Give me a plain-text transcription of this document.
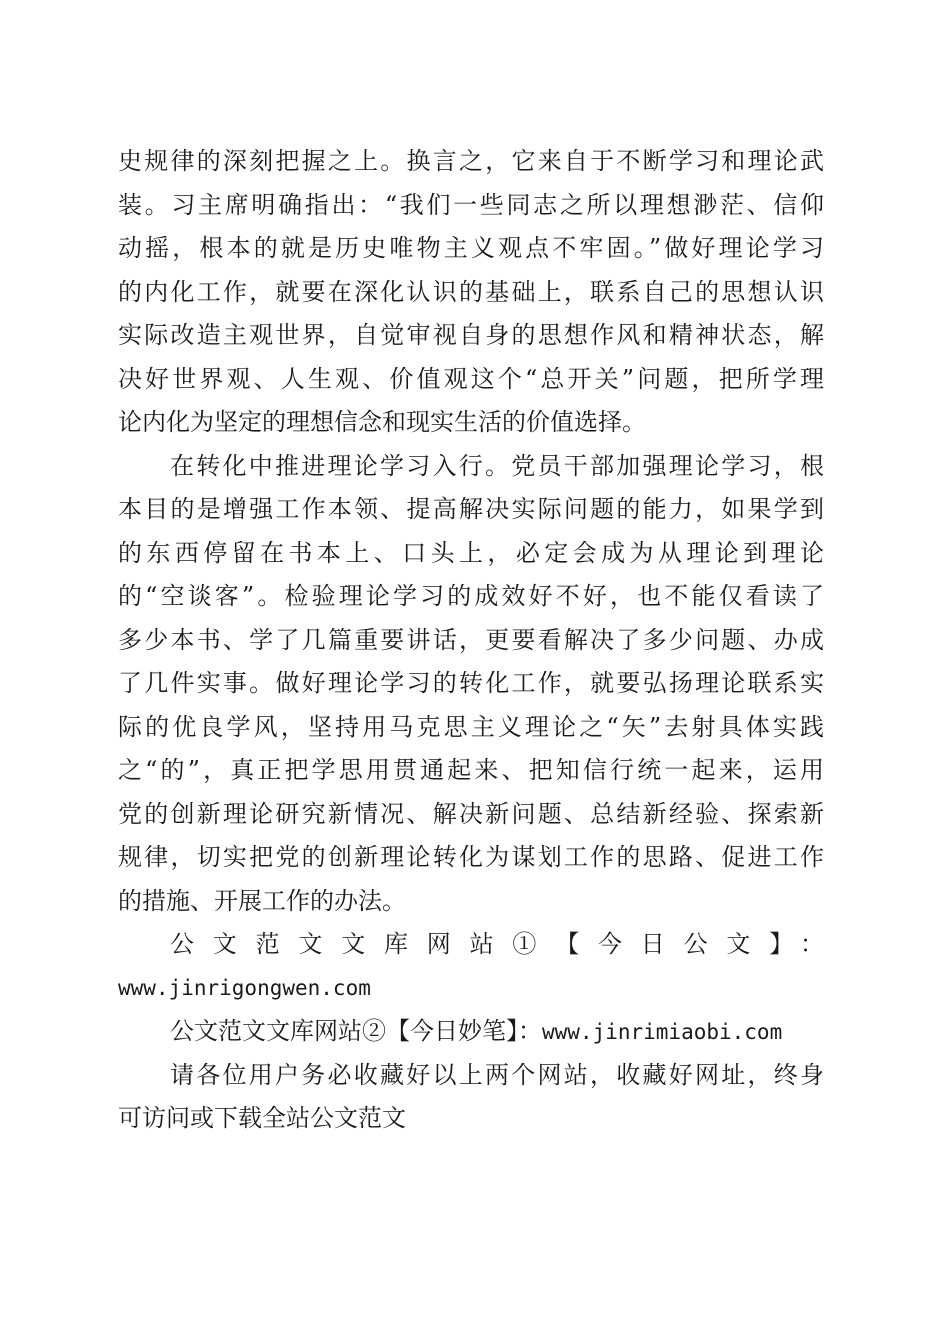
史规律的深刻把握之上。换言之，它来自于不断学习和理论武
装。习主席明确指出：“我们一些同志之所以理想渺茫、信仰
动摇，根本的就是历史唯物主义观点不牢固。”做好理论学习
的内化工作，就要在深化认识的基础上，联系自己的思想认识
实际改造主观世界，自觉审视自身的思想作风和精神状态，解
决好世界观、人生观、价值观这个“总开关”问题，把所学理
论内化为坚定的理想信念和现实生活的价值选择。
在转化中推进理论学习入行。党员干部加强理论学习，根
本目的是增强工作本领、提高解决实际问题的能力，如果学到
的东西停留在书本上、口头上，必定会成为从理论到理论
的“空谈客”。检验理论学习的成效好不好，也不能仅看读了
多少本书、学了几篇重要讲话，更要看解决了多少问题、办成
了几件实事。做好理论学习的转化工作，就要弘扬理论联系实
际的优良学风，坚持用马克思主义理论之“矢”去射具体实践
之“的”，真正把学思用贯通起来、把知信行统一起来，运用
党的创新理论研究新情况、解决新问题、总结新经验、探索新
规律，切实把党的创新理论转化为谋划工作的思路、促进工作
的措施、开展工作的办法。
公文范文文库网站①【今日公文】：
www.jinrigongwen.com
公文范文文库网站②【今日妙笔】：www.jinrimiaobi.com
请各位用户务必收藏好以上两个网站，收藏好网址，终身
可访问或下载全站公文范文
